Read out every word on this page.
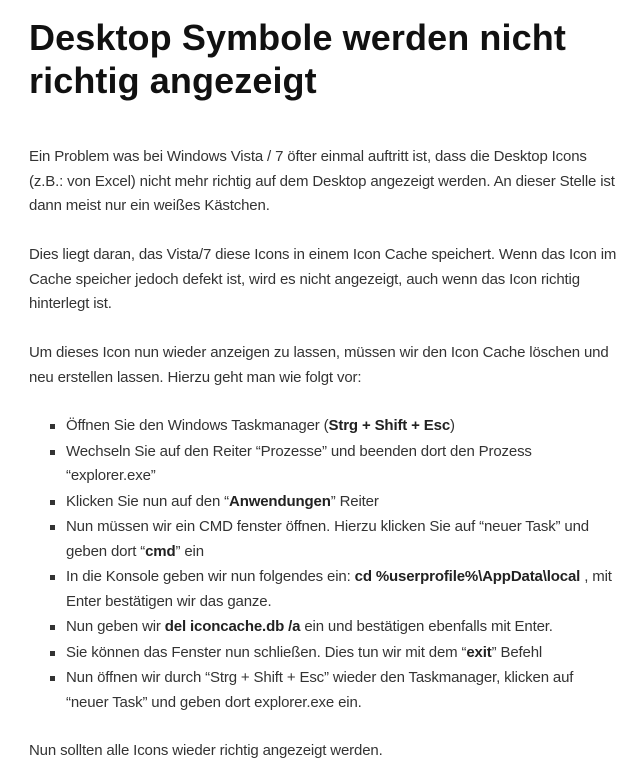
Desktop Symbole werden nicht richtig angezeigt

Ein Problem was bei Windows Vista / 7 öfter einmal auftritt ist, dass die Desktop Icons (z.B.: von Excel) nicht mehr richtig auf dem Desktop angezeigt werden. An dieser Stelle ist dann meist nur ein weißes Kästchen.

Dies liegt daran, das Vista/7 diese Icons in einem Icon Cache speichert. Wenn das Icon im Cache speicher jedoch defekt ist, wird es nicht angezeigt, auch wenn das Icon richtig hinterlegt ist.

Um dieses Icon nun wieder anzeigen zu lassen, müssen wir den Icon Cache löschen und neu erstellen lassen. Hierzu geht man wie folgt vor:

Öffnen Sie den Windows Taskmanager (Strg + Shift + Esc)
Wechseln Sie auf den Reiter “Prozesse” und beenden dort den Prozess “explorer.exe”
Klicken Sie nun auf den “Anwendungen” Reiter
Nun müssen wir ein CMD fenster öffnen. Hierzu klicken Sie auf “neuer Task” und geben dort “cmd” ein
In die Konsole geben wir nun folgendes ein: cd %userprofile%\AppData\local , mit Enter bestätigen wir das ganze.
Nun geben wir del iconcache.db /a ein und bestätigen ebenfalls mit Enter.
Sie können das Fenster nun schließen. Dies tun wir mit dem “exit” Befehl
Nun öffnen wir durch “Strg + Shift + Esc” wieder den Taskmanager, klicken auf “neuer Task” und geben dort explorer.exe ein.

Nun sollten alle Icons wieder richtig angezeigt werden.
